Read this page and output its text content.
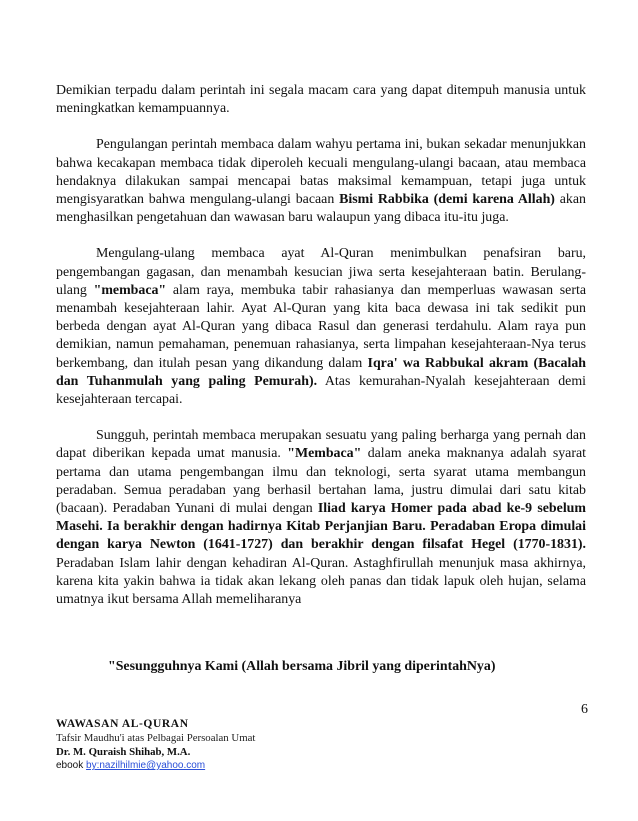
Demikian terpadu dalam perintah ini segala macam cara yang dapat ditempuh manusia untuk meningkatkan kemampuannya.

Pengulangan perintah membaca dalam wahyu pertama ini, bukan sekadar menunjukkan bahwa kecakapan membaca tidak diperoleh kecuali mengulang-ulangi bacaan, atau membaca hendaknya dilakukan sampai mencapai batas maksimal kemampuan, tetapi juga untuk mengisyaratkan bahwa mengulang-ulangi bacaan Bismi Rabbika (demi karena Allah) akan menghasilkan pengetahuan dan wawasan baru walaupun yang dibaca itu-itu juga.

Mengulang-ulang membaca ayat Al-Quran menimbulkan penafsiran baru, pengembangan gagasan, dan menambah kesucian jiwa serta kesejahteraan batin. Berulang-ulang "membaca" alam raya, membuka tabir rahasianya dan memperluas wawasan serta menambah kesejahteraan lahir. Ayat Al-Quran yang kita baca dewasa ini tak sedikit pun berbeda dengan ayat Al-Quran yang dibaca Rasul dan generasi terdahulu. Alam raya pun demikian, namun pemahaman, penemuan rahasianya, serta limpahan kesejahteraan-Nya terus berkembang, dan itulah pesan yang dikandung dalam Iqra' wa Rabbukal akram (Bacalah dan Tuhanmulah yang paling Pemurah). Atas kemurahan-Nyalah kesejahteraan demi kesejahteraan tercapai.

Sungguh, perintah membaca merupakan sesuatu yang paling berharga yang pernah dan dapat diberikan kepada umat manusia. "Membaca" dalam aneka maknanya adalah syarat pertama dan utama pengembangan ilmu dan teknologi, serta syarat utama membangun peradaban. Semua peradaban yang berhasil bertahan lama, justru dimulai dari satu kitab (bacaan). Peradaban Yunani di mulai dengan Iliad karya Homer pada abad ke-9 sebelum Masehi. Ia berakhir dengan hadirnya Kitab Perjanjian Baru. Peradaban Eropa dimulai dengan karya Newton (1641-1727) dan berakhir dengan filsafat Hegel (1770-1831). Peradaban Islam lahir dengan kehadiran Al-Quran. Astaghfirullah menunjuk masa akhirnya, karena kita yakin bahwa ia tidak akan lekang oleh panas dan tidak lapuk oleh hujan, selama umatnya ikut bersama Allah memeliharanya

"Sesungguhnya Kami (Allah bersama Jibril yang diperintahNya)
6
WAWASAN AL-QURAN
Tafsir Maudhu'i atas Pelbagai Persoalan Umat
Dr. M. Quraish Shihab, M.A.
ebook by:nazilhilmie@yahoo.com
